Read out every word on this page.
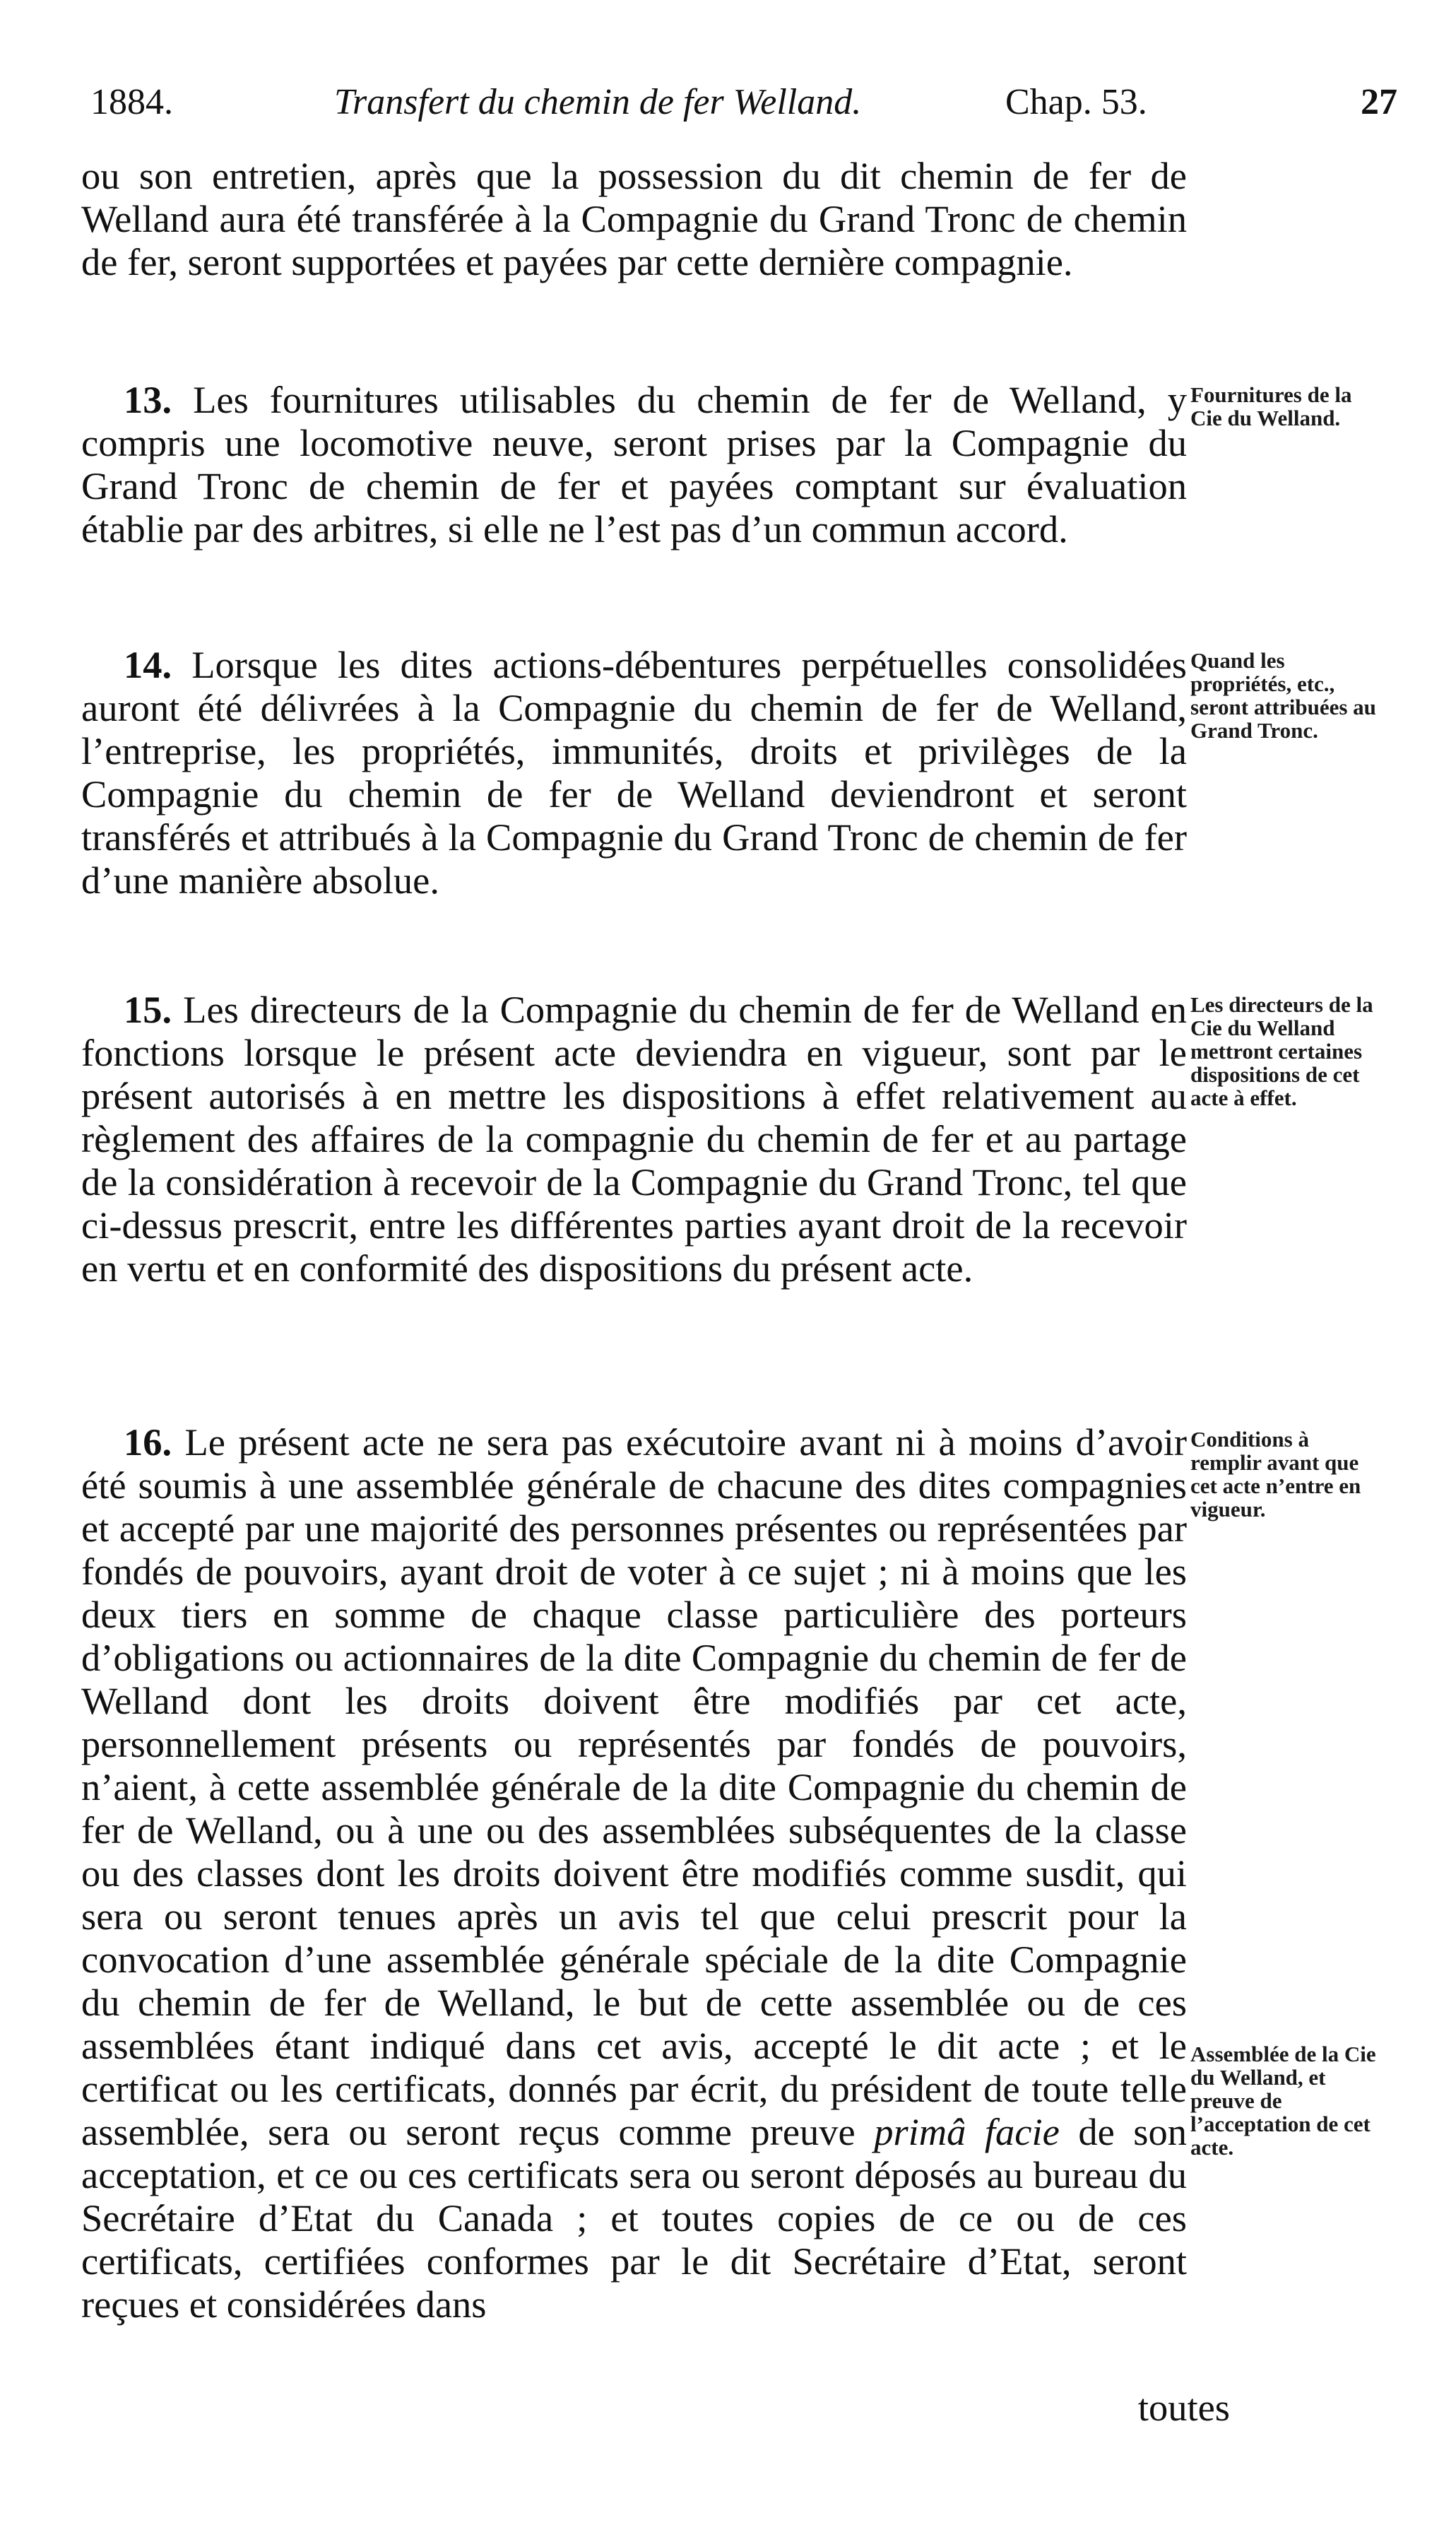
1884.	Transfert du chemin de fer Welland.	Chap. 53.	27
ou son entretien, après que la possession du dit chemin de fer de Welland aura été transférée à la Compagnie du Grand Tronc de chemin de fer, seront supportées et payées par cette dernière compagnie.
13. Les fournitures utilisables du chemin de fer de Welland, y compris une locomotive neuve, seront prises par la Compagnie du Grand Tronc de chemin de fer et payées comptant sur évaluation établie par des arbitres, si elle ne l’est pas d’un commun accord.
14. Lorsque les dites actions-débentures perpétuelles consolidées auront été délivrées à la Compagnie du chemin de fer de Welland, l’entreprise, les propriétés, immunités, droits et privilèges de la Compagnie du chemin de fer de Welland deviendront et seront transférés et attribués à la Compagnie du Grand Tronc de chemin de fer d’une manière absolue.
15. Les directeurs de la Compagnie du chemin de fer de Welland en fonctions lorsque le présent acte deviendra en vigueur, sont par le présent autorisés à en mettre les dispositions à effet relativement au règlement des affaires de la compagnie du chemin de fer et au partage de la considération à recevoir de la Compagnie du Grand Tronc, tel que ci-dessus prescrit, entre les différentes parties ayant droit de la recevoir en vertu et en conformité des dispositions du présent acte.
16. Le présent acte ne sera pas exécutoire avant ni à moins d’avoir été soumis à une assemblée générale de chacune des dites compagnies et accepté par une majorité des personnes présentes ou représentées par fondés de pouvoirs, ayant droit de voter à ce sujet ; ni à moins que les deux tiers en somme de chaque classe particulière des porteurs d’obligations ou actionnaires de la dite Compagnie du chemin de fer de Welland dont les droits doivent être modifiés par cet acte, personnellement présents ou représentés par fondés de pouvoirs, n’aient, à cette assemblée générale de la dite Compagnie du chemin de fer de Welland, ou à une ou des assemblées subséquentes de la classe ou des classes dont les droits doivent être modifiés comme susdit, qui sera ou seront tenues après un avis tel que celui prescrit pour la convocation d’une assemblée générale spéciale de la dite Compagnie du chemin de fer de Welland, le but de cette assemblée ou de ces assemblées étant indiqué dans cet avis, accepté le dit acte ; et le certificat ou les certificats, donnés par écrit, du président de toute telle assemblée, sera ou seront reçus comme preuve primâ facie de son acceptation, et ce ou ces certificats sera ou seront déposés au bureau du Secrétaire d’Etat du Canada ; et toutes copies de ce ou de ces certificats, certifiées conformes par le dit Secrétaire d’Etat, seront reçues et considérées dans
toutes
Fournitures de la Cie du Welland.
Quand les propriétés, etc., seront attribuées au Grand Tronc.
Les directeurs de la Cie du Welland mettront certaines dispositions de cet acte à effet.
Conditions à remplir avant que cet acte n’entre en vigueur.
Assemblée de la Cie du Welland, et preuve de l’acceptation de cet acte.
